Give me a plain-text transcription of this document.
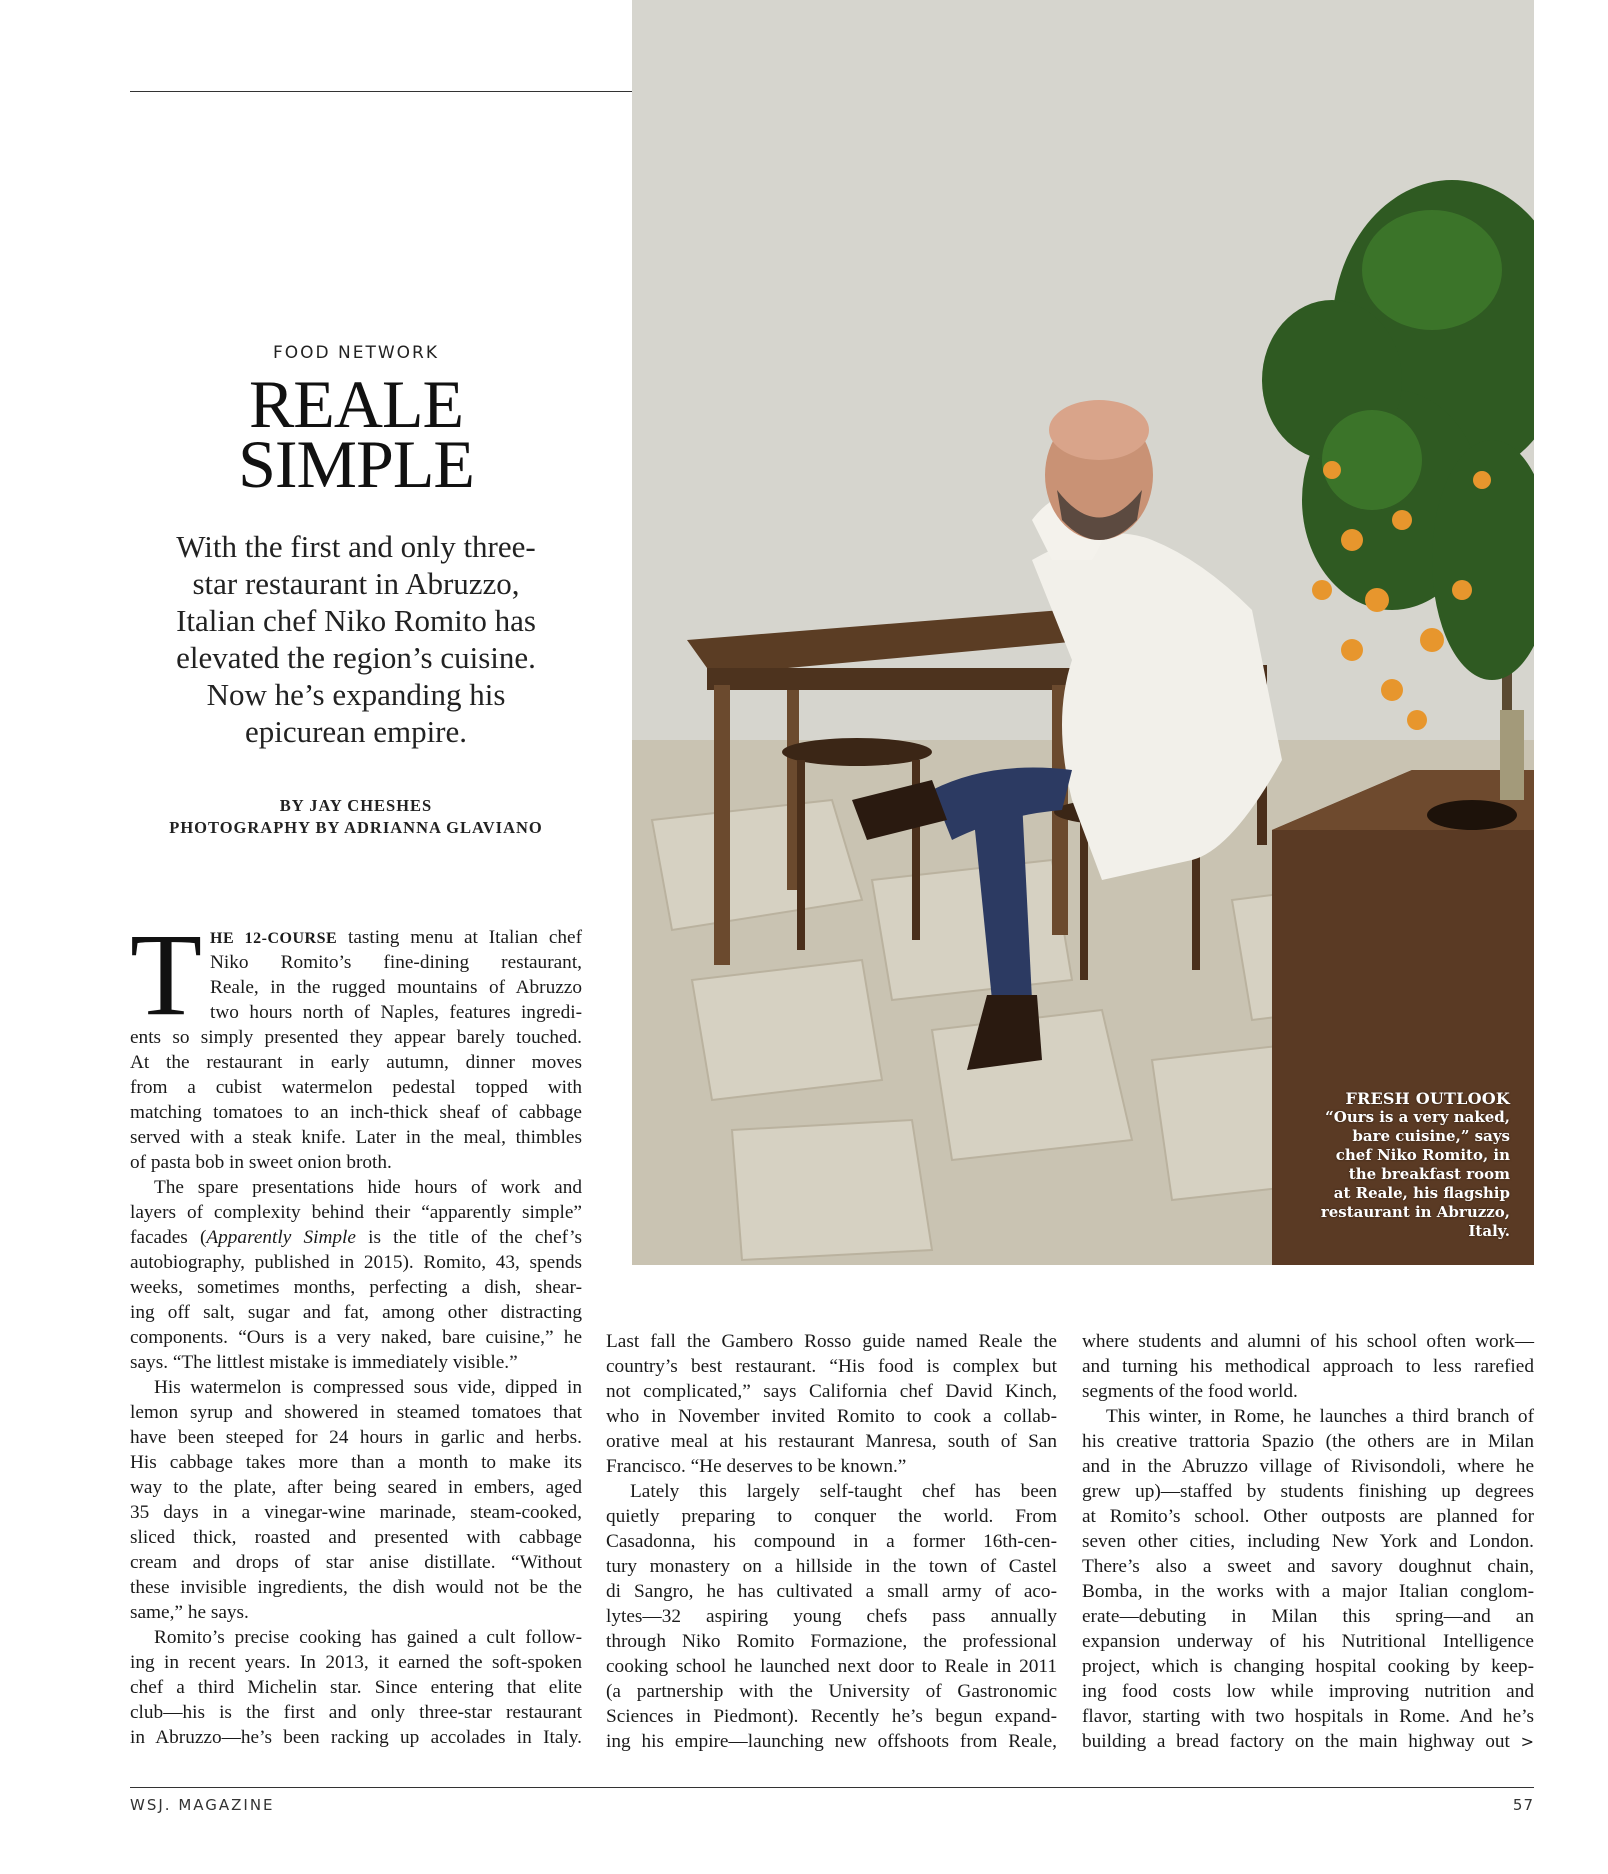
FRESH OUTLOOK
“Ours is a very naked,
bare cuisine,” says
chef Niko Romito, in
the breakfast room
at Reale, his flagship
restaurant in Abruzzo,
Italy.
FOOD NETWORK
REALE
SIMPLE
With the first and only three-
star restaurant in Abruzzo,
Italian chef Niko Romito has
elevated the region’s cuisine.
Now he’s expanding his
epicurean empire.
BY JAY CHESHES
PHOTOGRAPHY BY ADRIANNA GLAVIANO
T HE 12-COURSE tasting menu at Italian chef
Niko Romito’s fine-dining restaurant,
Reale, in the rugged mountains of Abruzzo
two hours north of Naples, features ingredi-
ents so simply presented they appear barely touched.
At the restaurant in early autumn, dinner moves
from a cubist watermelon pedestal topped with
matching tomatoes to an inch-thick sheaf of cabbage
served with a steak knife. Later in the meal, thimbles
of pasta bob in sweet onion broth.
The spare presentations hide hours of work and
layers of complexity behind their “apparently simple”
facades (Apparently Simple is the title of the chef’s
autobiography, published in 2015). Romito, 43, spends
weeks, sometimes months, perfecting a dish, shear-
ing off salt, sugar and fat, among other distracting
components. “Ours is a very naked, bare cuisine,” he
says. “The littlest mistake is immediately visible.”
His watermelon is compressed sous vide, dipped in
lemon syrup and showered in steamed tomatoes that
have been steeped for 24 hours in garlic and herbs.
His cabbage takes more than a month to make its
way to the plate, after being seared in embers, aged
35 days in a vinegar-wine marinade, steam-cooked,
sliced thick, roasted and presented with cabbage
cream and drops of star anise distillate. “Without
these invisible ingredients, the dish would not be the
same,” he says.
Romito’s precise cooking has gained a cult follow-
ing in recent years. In 2013, it earned the soft-spoken
chef a third Michelin star. Since entering that elite
club—his is the first and only three-star restaurant
in Abruzzo—he’s been racking up accolades in Italy.
Last fall the Gambero Rosso guide named Reale the
country’s best restaurant. “His food is complex but
not complicated,” says California chef David Kinch,
who in November invited Romito to cook a collab-
orative meal at his restaurant Manresa, south of San
Francisco. “He deserves to be known.”
Lately this largely self-taught chef has been
quietly preparing to conquer the world. From
Casadonna, his compound in a former 16th-cen-
tury monastery on a hillside in the town of Castel
di Sangro, he has cultivated a small army of aco-
lytes—32 aspiring young chefs pass annually
through Niko Romito Formazione, the professional
cooking school he launched next door to Reale in 2011
(a partnership with the University of Gastronomic
Sciences in Piedmont). Recently he’s begun expand-
ing his empire—launching new offshoots from Reale,
where students and alumni of his school often work—
and turning his methodical approach to less rarefied
segments of the food world.
This winter, in Rome, he launches a third branch of
his creative trattoria Spazio (the others are in Milan
and in the Abruzzo village of Rivisondoli, where he
grew up)—staffed by students finishing up degrees
at Romito’s school. Other outposts are planned for
seven other cities, including New York and London.
There’s also a sweet and savory doughnut chain,
Bomba, in the works with a major Italian conglom-
erate—debuting in Milan this spring—and an
expansion underway of his Nutritional Intelligence
project, which is changing hospital cooking by keep-
ing food costs low while improving nutrition and
flavor, starting with two hospitals in Rome. And he’s
building a bread factory on the main highway out >
WSJ. MAGAZINE	57
